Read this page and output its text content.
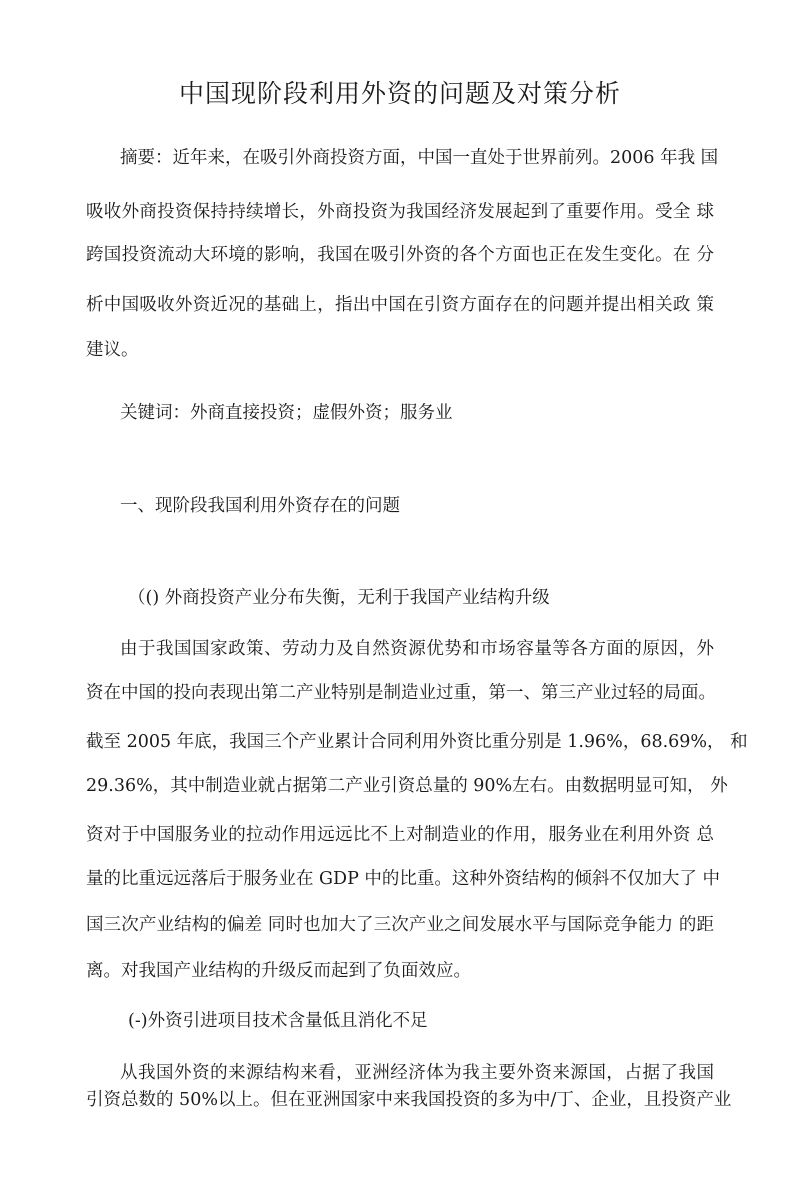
中国现阶段利用外资的问题及对策分析
摘要：近年来，在吸引外商投资方面，中国一直处于世界前列。2006 年我 国
吸收外商投资保持持续增长，外商投资为我国经济发展起到了重要作用。受全 球
跨国投资流动大环境的影响，我国在吸引外资的各个方面也正在发生变化。在 分
析中国吸收外资近况的基础上，指出中国在引资方面存在的问题并提出相关政 策
建议。
关键词：外商直接投资；虚假外资；服务业
一、现阶段我国利用外资存在的问题
（() 外商投资产业分布失衡，无利于我国产业结构升级
由于我国国家政策、劳动力及自然资源优势和市场容量等各方面的原因，外
资在中国的投向表现出第二产业特别是制造业过重，第一、第三产业过轻的局面。
截至 2005 年底，我国三个产业累计合同利用外资比重分别是 1.96%，68.69%， 和
29.36%，其中制造业就占据第二产业引资总量的 90%左右。由数据明显可知， 外
资对于中国服务业的拉动作用远远比不上对制造业的作用，服务业在利用外资 总
量的比重远远落后于服务业在 GDP 中的比重。这种外资结构的倾斜不仅加大了 中
国三次产业结构的偏差 同时也加大了三次产业之间发展水平与国际竞争能力 的距
离。对我国产业结构的升级反而起到了负面效应。
(-)外资引进项目技术含量低且消化不足
从我国外资的来源结构来看，亚洲经济体为我主要外资来源国，占据了我国
引资总数的 50%以上。但在亚洲国家中来我国投资的多为中/丁、企业，且投资产业
